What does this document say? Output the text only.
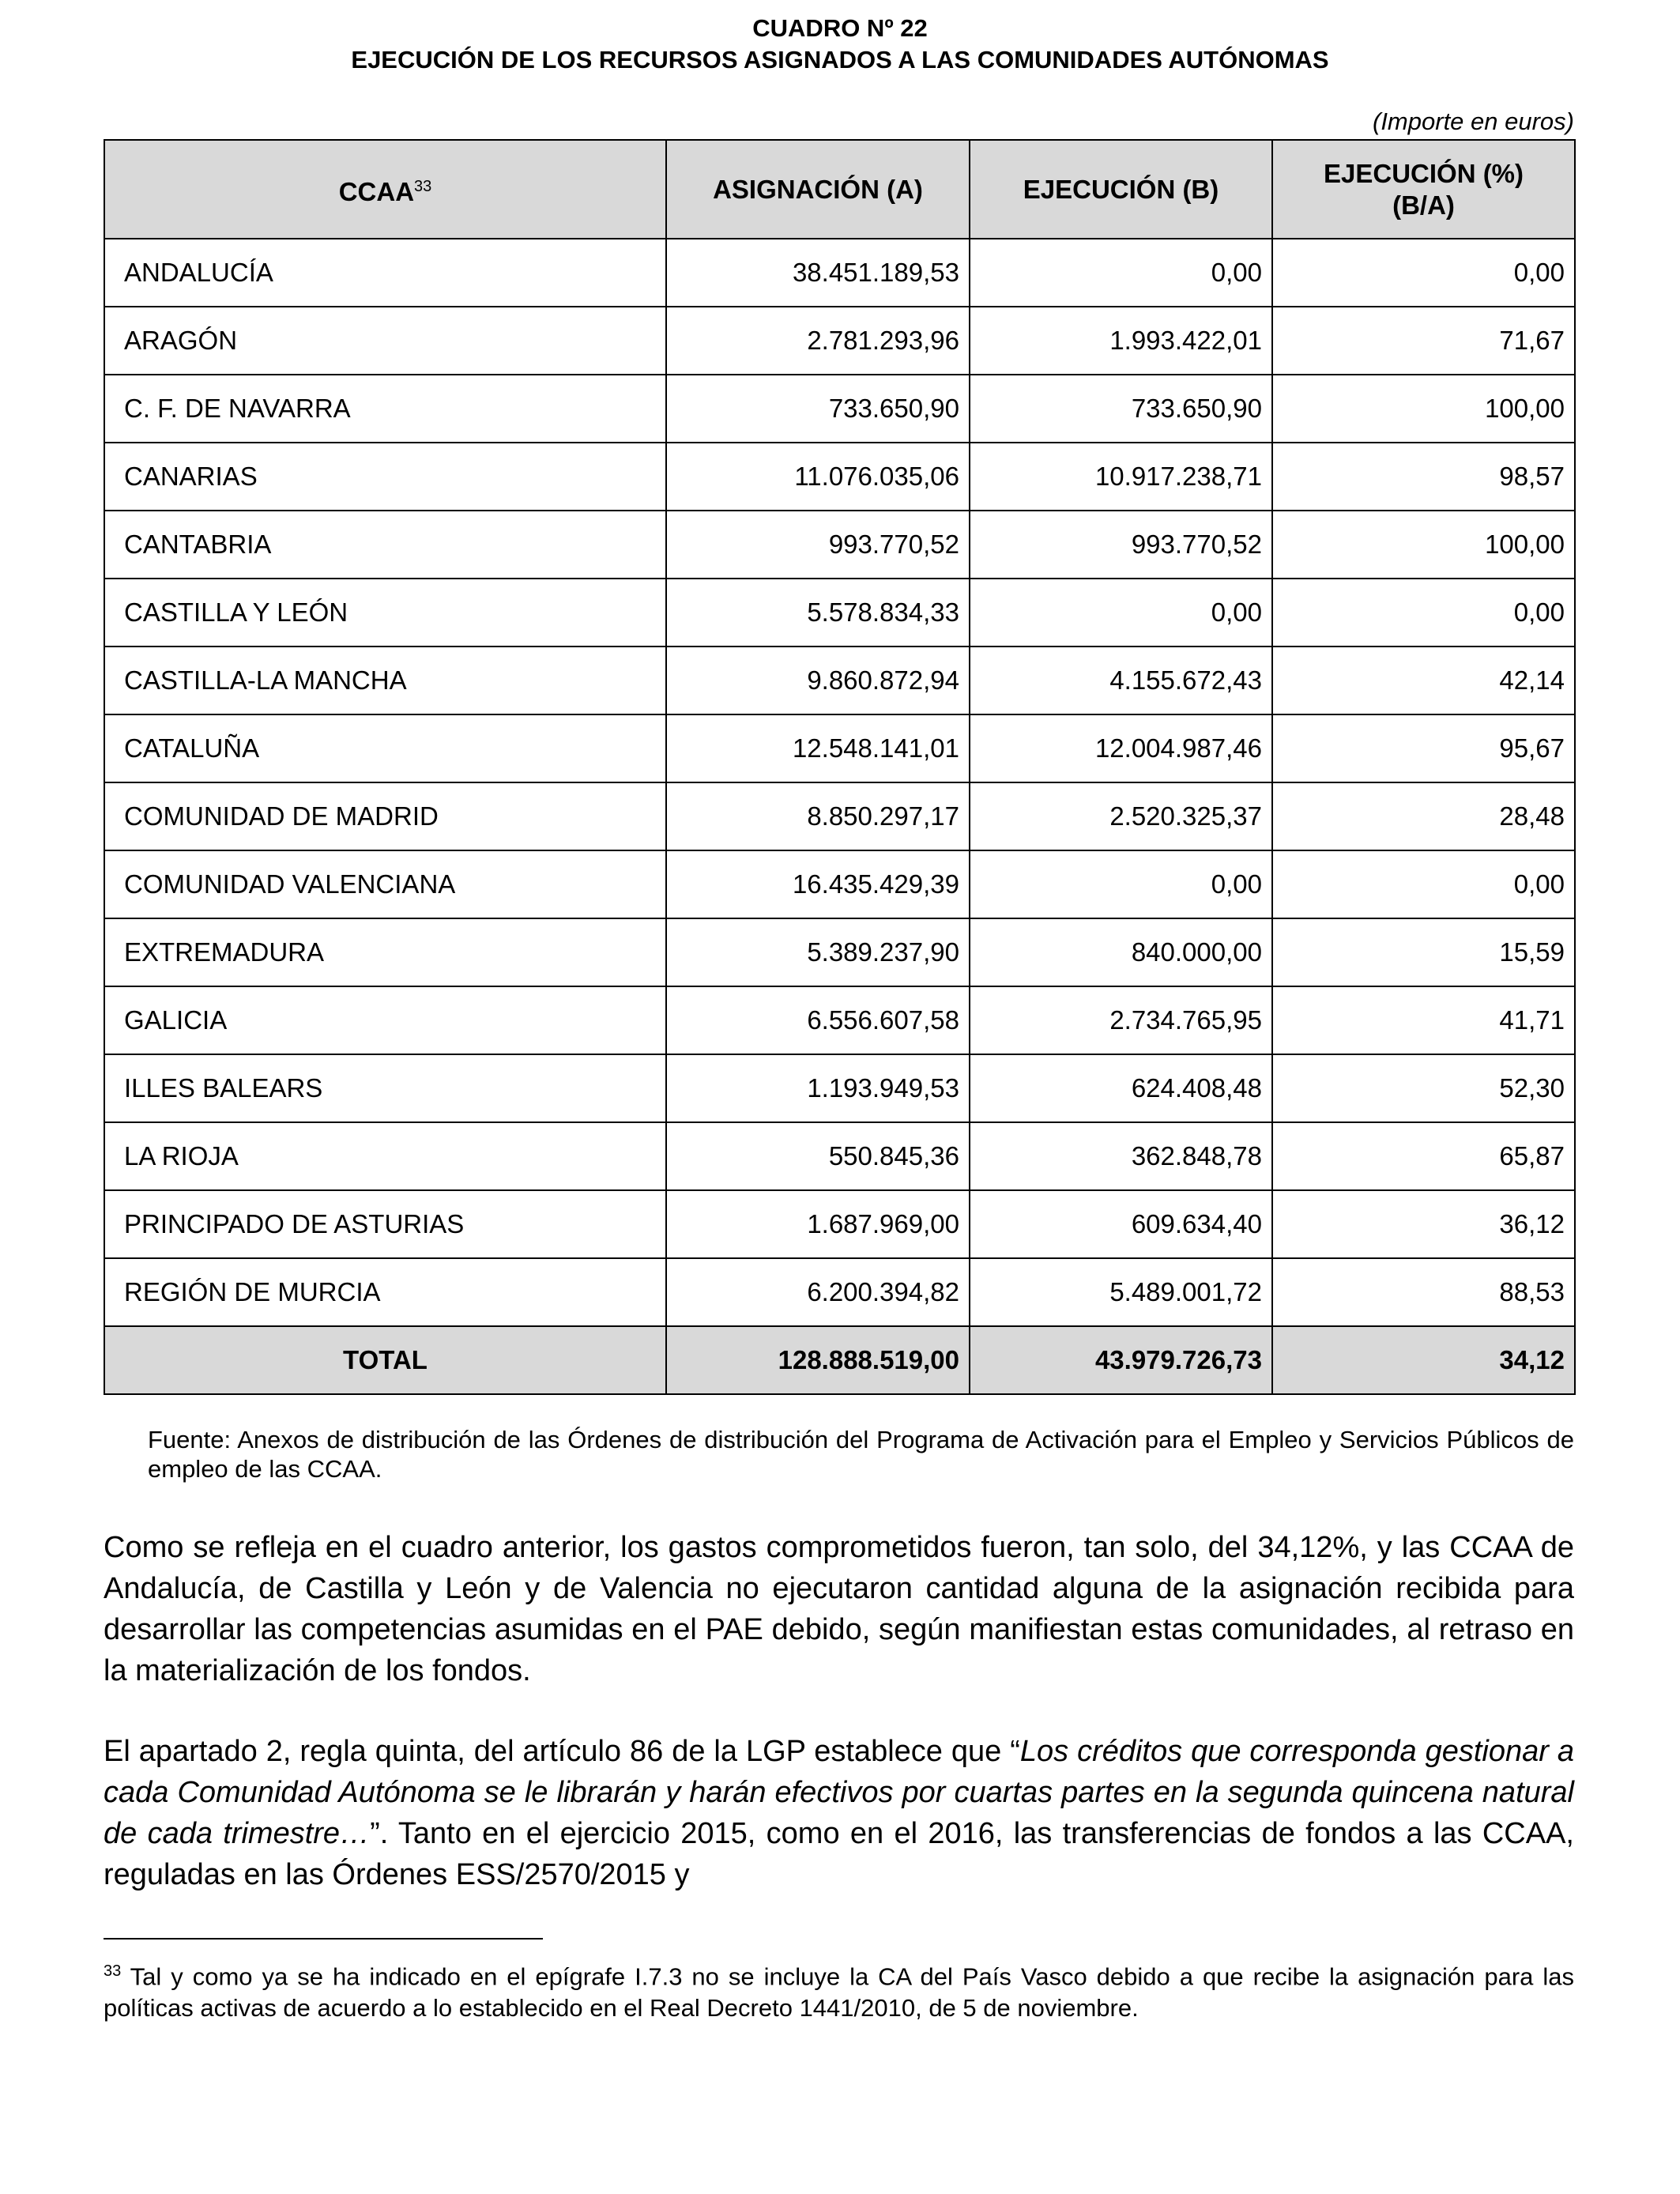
CUADRO Nº 22
EJECUCIÓN DE LOS RECURSOS ASIGNADOS A LAS COMUNIDADES AUTÓNOMAS
(Importe en euros)
CCAA$^{33}$	ASIGNACIÓN (A)	EJECUCIÓN (B)	EJECUCIÓN (%)
(B/A)
ANDALUCÍA	38.451.189,53	0,00	0,00
ARAGÓN	2.781.293,96	1.993.422,01	71,67
C. F. DE NAVARRA	733.650,90	733.650,90	100,00
CANARIAS	11.076.035,06	10.917.238,71	98,57
CANTABRIA	993.770,52	993.770,52	100,00
CASTILLA Y LEÓN	5.578.834,33	0,00	0,00
CASTILLA-LA MANCHA	9.860.872,94	4.155.672,43	42,14
CATALUÑA	12.548.141,01	12.004.987,46	95,67
COMUNIDAD DE MADRID	8.850.297,17	2.520.325,37	28,48
COMUNIDAD VALENCIANA	16.435.429,39	0,00	0,00
EXTREMADURA	5.389.237,90	840.000,00	15,59
GALICIA	6.556.607,58	2.734.765,95	41,71
ILLES BALEARS	1.193.949,53	624.408,48	52,30
LA RIOJA	550.845,36	362.848,78	65,87
PRINCIPADO DE ASTURIAS	1.687.969,00	609.634,40	36,12
REGIÓN DE MURCIA	6.200.394,82	5.489.001,72	88,53
TOTAL	128.888.519,00	43.979.726,73	34,12
Fuente: Anexos de distribución de las Órdenes de distribución del Programa de Activación para el Empleo y Servicios Públicos de empleo de las CCAA.

Como se refleja en el cuadro anterior, los gastos comprometidos fueron, tan solo, del 34,12%, y las CCAA de Andalucía, de Castilla y León y de Valencia no ejecutaron cantidad alguna de la asignación recibida para desarrollar las competencias asumidas en el PAE debido, según manifiestan estas comunidades, al retraso en la materialización de los fondos.

El apartado 2, regla quinta, del artículo 86 de la LGP establece que “Los créditos que corresponda gestionar a cada Comunidad Autónoma se le librarán y harán efectivos por cuartas partes en la segunda quincena natural de cada trimestre…”. Tanto en el ejercicio 2015, como en el 2016, las transferencias de fondos a las CCAA, reguladas en las Órdenes ESS/2570/2015 y

$^{33}$ Tal y como ya se ha indicado en el epígrafe I.7.3 no se incluye la CA del País Vasco debido a que recibe la asignación para las políticas activas de acuerdo a lo establecido en el Real Decreto 1441/2010, de 5 de noviembre.
